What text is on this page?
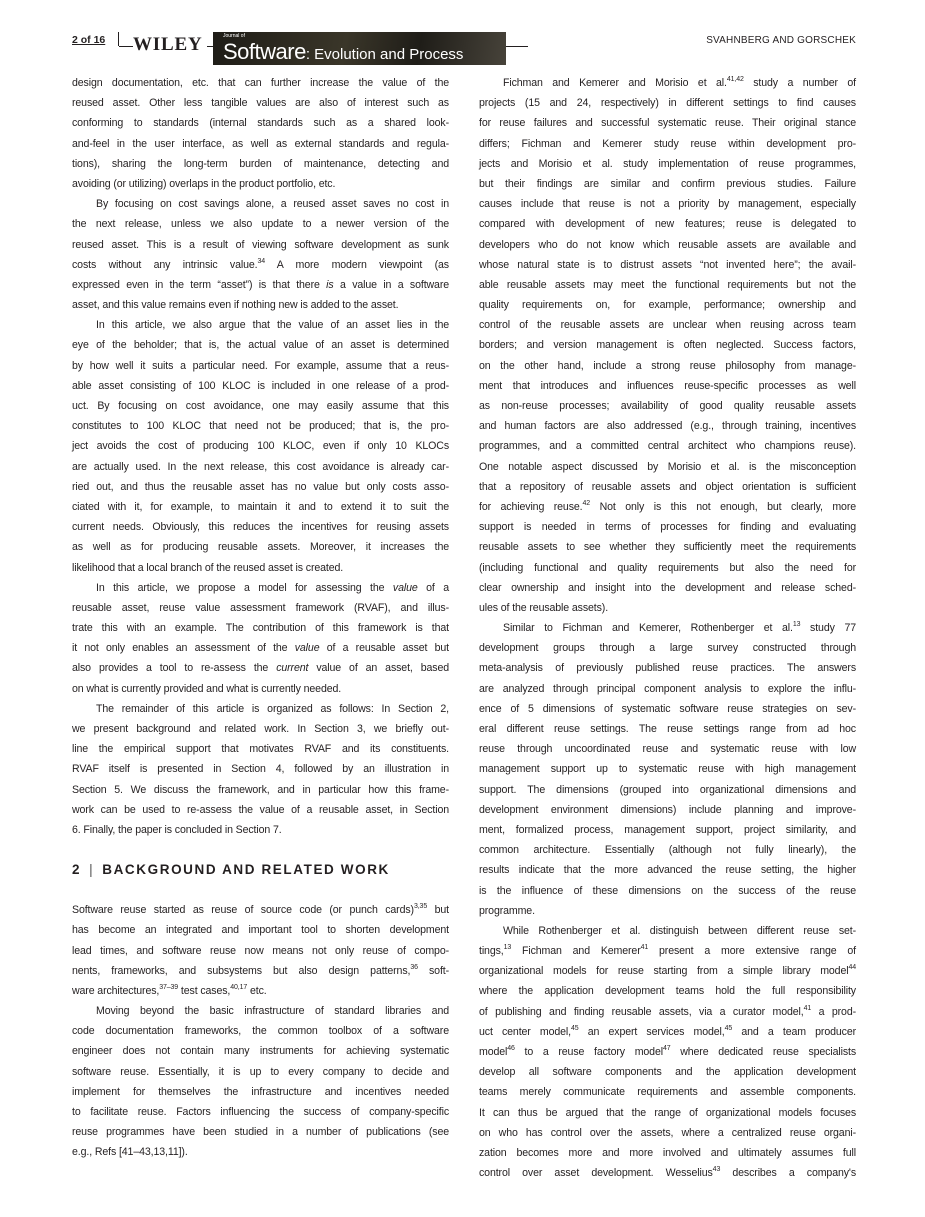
2 of 16 WILEY	Journal of
Software : Evolution and Process
SVAHNBERG AND GORSCHEK
design documentation, etc. that can further increase the value of the
reused asset. Other less tangible values are also of interest such as
conforming to standards (internal standards such as a shared look-
and-feel in the user interface, as well as external standards and regula-
tions), sharing the long-term burden of maintenance, detecting and
avoiding (or utilizing) overlaps in the product portfolio, etc.
By focusing on cost savings alone, a reused asset saves no cost in
the next release, unless we also update to a newer version of the
reused asset. This is a result of viewing software development as sunk
costs without any intrinsic value.$^{34}$ A more modern viewpoint (as
expressed even in the term “asset”) is that there is a value in a software
asset, and this value remains even if nothing new is added to the asset.
In this article, we also argue that the value of an asset lies in the
eye of the beholder; that is, the actual value of an asset is determined
by how well it suits a particular need. For example, assume that a reus-
able asset consisting of 100 KLOC is included in one release of a prod-
uct. By focusing on cost avoidance, one may easily assume that this
constitutes to 100 KLOC that need not be produced; that is, the pro-
ject avoids the cost of producing 100 KLOC, even if only 10 KLOCs
are actually used. In the next release, this cost avoidance is already car-
ried out, and thus the reusable asset has no value but only costs asso-
ciated with it, for example, to maintain it and to extend it to suit the
current needs. Obviously, this reduces the incentives for reusing assets
as well as for producing reusable assets. Moreover, it increases the
likelihood that a local branch of the reused asset is created.
In this article, we propose a model for assessing the value of a
reusable asset, reuse value assessment framework (RVAF), and illus-
trate this with an example. The contribution of this framework is that
it not only enables an assessment of the value of a reusable asset but
also provides a tool to re-assess the current value of an asset, based
on what is currently provided and what is currently needed.
The remainder of this article is organized as follows: In Section 2,
we present background and related work. In Section 3, we briefly out-
line the empirical support that motivates RVAF and its constituents.
RVAF itself is presented in Section 4, followed by an illustration in
Section 5. We discuss the framework, and in particular how this frame-
work can be used to re-assess the value of a reusable asset, in Section
6. Finally, the paper is concluded in Section 7.
2 | BACKGROUND AND RELATED WORK
Software reuse started as reuse of source code (or punch cards)$^{3,35}$ but
has become an integrated and important tool to shorten development
lead times, and software reuse now means not only reuse of compo-
nents, frameworks, and subsystems but also design patterns,$^{36}$ soft-
ware architectures,$^{37-39}$ test cases,$^{40,17}$ etc.
Moving beyond the basic infrastructure of standard libraries and
code documentation frameworks, the common toolbox of a software
engineer does not contain many instruments for achieving systematic
software reuse. Essentially, it is up to every company to decide and
implement for themselves the infrastructure and incentives needed
to facilitate reuse. Factors influencing the success of company-specific
reuse programmes have been studied in a number of publications (see
e.g., Refs [41–43,13,11]).
Fichman and Kemerer and Morisio et al.$^{41,42}$ study a number of
projects (15 and 24, respectively) in different settings to find causes
for reuse failures and successful systematic reuse. Their original stance
differs; Fichman and Kemerer study reuse within development pro-
jects and Morisio et al. study implementation of reuse programmes,
but their findings are similar and confirm previous studies. Failure
causes include that reuse is not a priority by management, especially
compared with development of new features; reuse is delegated to
developers who do not know which reusable assets are available and
whose natural state is to distrust assets “not invented here”; the avail-
able reusable assets may meet the functional requirements but not the
quality requirements on, for example, performance; ownership and
control of the reusable assets are unclear when reusing across team
borders; and version management is often neglected. Success factors,
on the other hand, include a strong reuse philosophy from manage-
ment that introduces and influences reuse-specific processes as well
as non-reuse processes; availability of good quality reusable assets
and human factors are also addressed (e.g., through training, incentives
programmes, and a committed central architect who champions reuse).
One notable aspect discussed by Morisio et al. is the misconception
that a repository of reusable assets and object orientation is sufficient
for achieving reuse.$^{42}$ Not only is this not enough, but clearly, more
support is needed in terms of processes for finding and evaluating
reusable assets to see whether they sufficiently meet the requirements
(including functional and quality requirements but also the need for
clear ownership and insight into the development and release sched-
ules of the reusable assets).
Similar to Fichman and Kemerer, Rothenberger et al.$^{13}$ study 77
development groups through a large survey constructed through
meta-analysis of previously published reuse practices. The answers
are analyzed through principal component analysis to explore the influ-
ence of 5 dimensions of systematic software reuse strategies on sev-
eral different reuse settings. The reuse settings range from ad hoc
reuse through uncoordinated reuse and systematic reuse with low
management support up to systematic reuse with high management
support. The dimensions (grouped into organizational dimensions and
development environment dimensions) include planning and improve-
ment, formalized process, management support, project similarity, and
common architecture. Essentially (although not fully linearly), the
results indicate that the more advanced the reuse setting, the higher
is the influence of these dimensions on the success of the reuse
programme.
While Rothenberger et al. distinguish between different reuse set-
tings,$^{13}$ Fichman and Kemerer$^{41}$ present a more extensive range of
organizational models for reuse starting from a simple library model$^{44}$
where the application development teams hold the full responsibility
of publishing and finding reusable assets, via a curator model,$^{41}$ a prod-
uct center model,$^{45}$ an expert services model,$^{45}$ and a team producer
model$^{46}$ to a reuse factory model$^{47}$ where dedicated reuse specialists
develop all software components and the application development
teams merely communicate requirements and assemble components.
It can thus be argued that the range of organizational models focuses
on who has control over the assets, where a centralized reuse organi-
zation becomes more and more involved and ultimately assumes full
control over asset development. Wesselius$^{43}$ describes a company's
